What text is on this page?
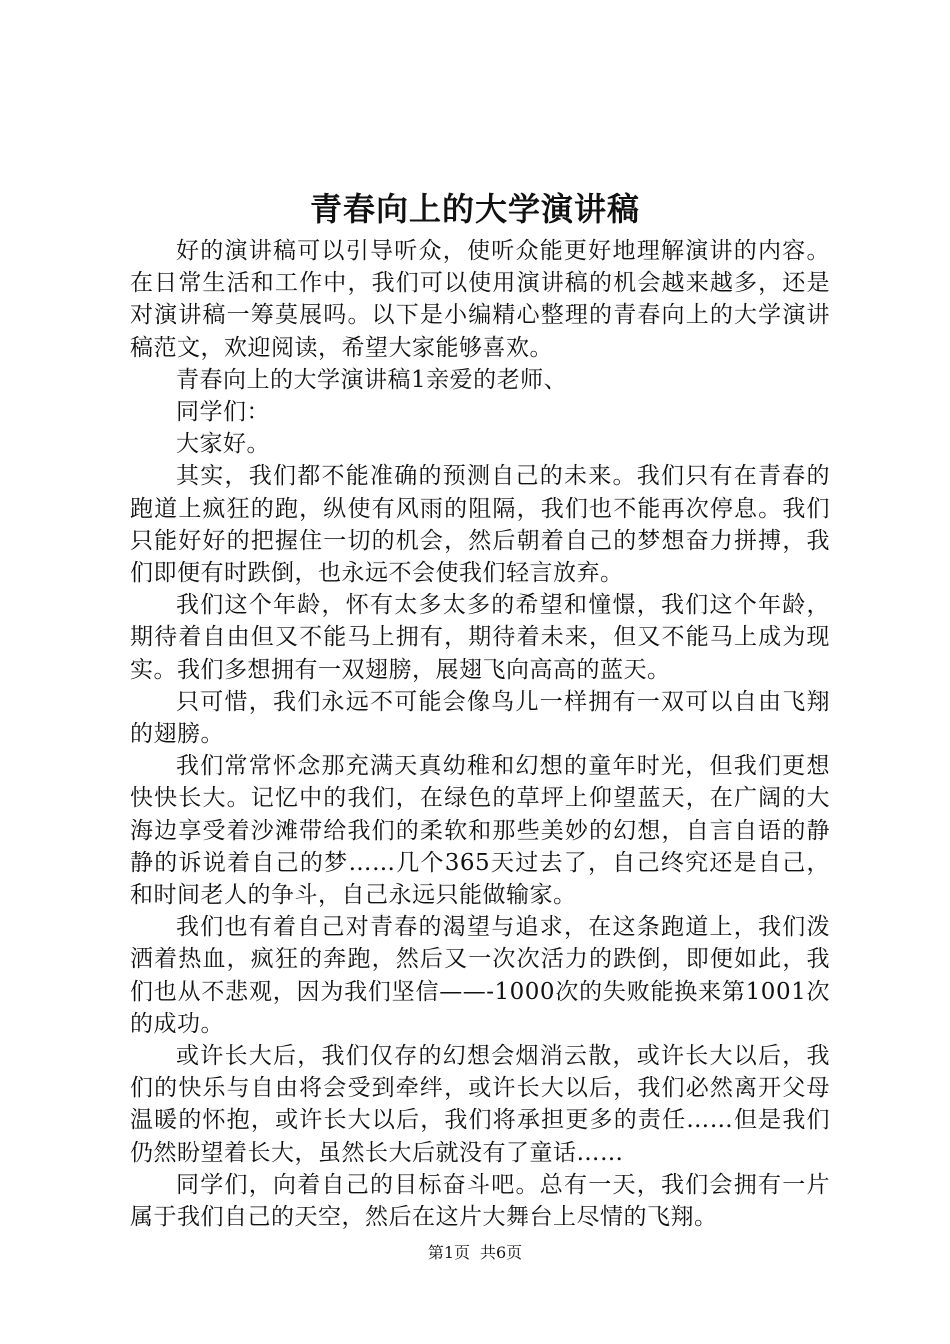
青春向上的大学演讲稿

好的演讲稿可以引导听众，使听众能更好地理解演讲的内容。在日常生活和工作中，我们可以使用演讲稿的机会越来越多，还是对演讲稿一筹莫展吗。以下是小编精心整理的青春向上的大学演讲稿范文，欢迎阅读，希望大家能够喜欢。

青春向上的大学演讲稿1亲爱的老师、

同学们：

大家好。

其实，我们都不能准确的预测自己的未来。我们只有在青春的跑道上疯狂的跑，纵使有风雨的阻隔，我们也不能再次停息。我们只能好好的把握住一切的机会，然后朝着自己的梦想奋力拼搏，我们即便有时跌倒，也永远不会使我们轻言放弃。

我们这个年龄，怀有太多太多的希望和憧憬，我们这个年龄，期待着自由但又不能马上拥有，期待着未来，但又不能马上成为现实。我们多想拥有一双翅膀，展翅飞向高高的蓝天。

只可惜，我们永远不可能会像鸟儿一样拥有一双可以自由飞翔的翅膀。

我们常常怀念那充满天真幼稚和幻想的童年时光，但我们更想快快长大。记忆中的我们，在绿色的草坪上仰望蓝天，在广阔的大海边享受着沙滩带给我们的柔软和那些美妙的幻想，自言自语的静静的诉说着自己的梦……几个365天过去了，自己终究还是自己，和时间老人的争斗，自己永远只能做输家。

我们也有着自己对青春的渴望与追求，在这条跑道上，我们泼洒着热血，疯狂的奔跑，然后又一次次活力的跌倒，即便如此，我们也从不悲观，因为我们坚信——-1000次的失败能换来第1001次的成功。

或许长大后，我们仅存的幻想会烟消云散，或许长大以后，我们的快乐与自由将会受到牵绊，或许长大以后，我们必然离开父母温暖的怀抱，或许长大以后，我们将承担更多的责任……但是我们仍然盼望着长大，虽然长大后就没有了童话……

同学们，向着自己的目标奋斗吧。总有一天，我们会拥有一片属于我们自己的天空，然后在这片大舞台上尽情的飞翔。

第1页 共6页
